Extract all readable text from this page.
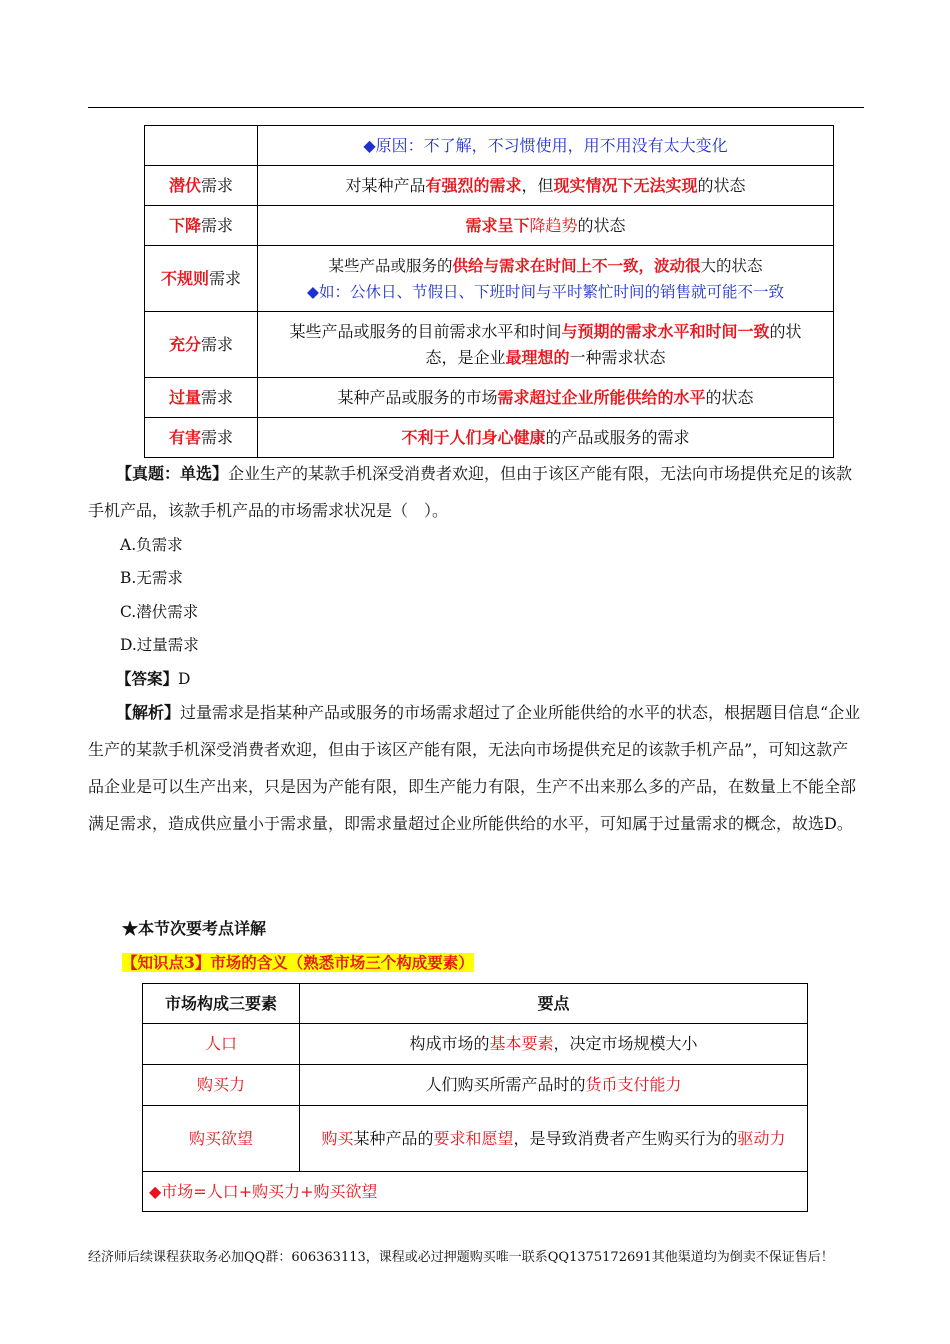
	◆原因：不了解，不习惯使用，用不用没有太大变化
潜伏需求	对某种产品有强烈的需求，但现实情况下无法实现的状态
下降需求	需求呈下降趋势的状态
不规则需求	某些产品或服务的供给与需求在时间上不一致，波动很大的状态
◆如：公休日、节假日、下班时间与平时繁忙时间的销售就可能不一致

充分需求	某些产品或服务的目前需求水平和时间与预期的需求水平和时间一致的状态，是企业最理想的一种需求状态
过量需求	某种产品或服务的市场需求超过企业所能供给的水平的状态
有害需求	不利于人们身心健康的产品或服务的需求

【真题：单选】企业生产的某款手机深受消费者欢迎，但由于该区产能有限，无法向市场提供充足的该款手机产品，该款手机产品的市场需求状况是（　）。

A.负需求
B.无需求
C.潜伏需求
D.过量需求
【答案】D

【解析】过量需求是指某种产品或服务的市场需求超过了企业所能供给的水平的状态，根据题目信息“企业生产的某款手机深受消费者欢迎，但由于该区产能有限，无法向市场提供充足的该款手机产品”，可知这款产品企业是可以生产出来，只是因为产能有限，即生产能力有限，生产不出来那么多的产品，在数量上不能全部满足需求，造成供应量小于需求量，即需求量超过企业所能供给的水平，可知属于过量需求的概念，故选D。

★本节次要考点详解
【知识点3】市场的含义（熟悉市场三个构成要素）
市场构成三要素	要点
人口	构成市场的基本要素，决定市场规模大小
购买力	人们购买所需产品时的货币支付能力
购买欲望	购买某种产品的要求和愿望，是导致消费者产生购买行为的驱动力
◆市场=人口+购买力+购买欲望	
经济师后续课程获取务必加QQ群：606363113，课程或必过押题购买唯一联系QQ1375172691其他渠道均为倒卖不保证售后！
